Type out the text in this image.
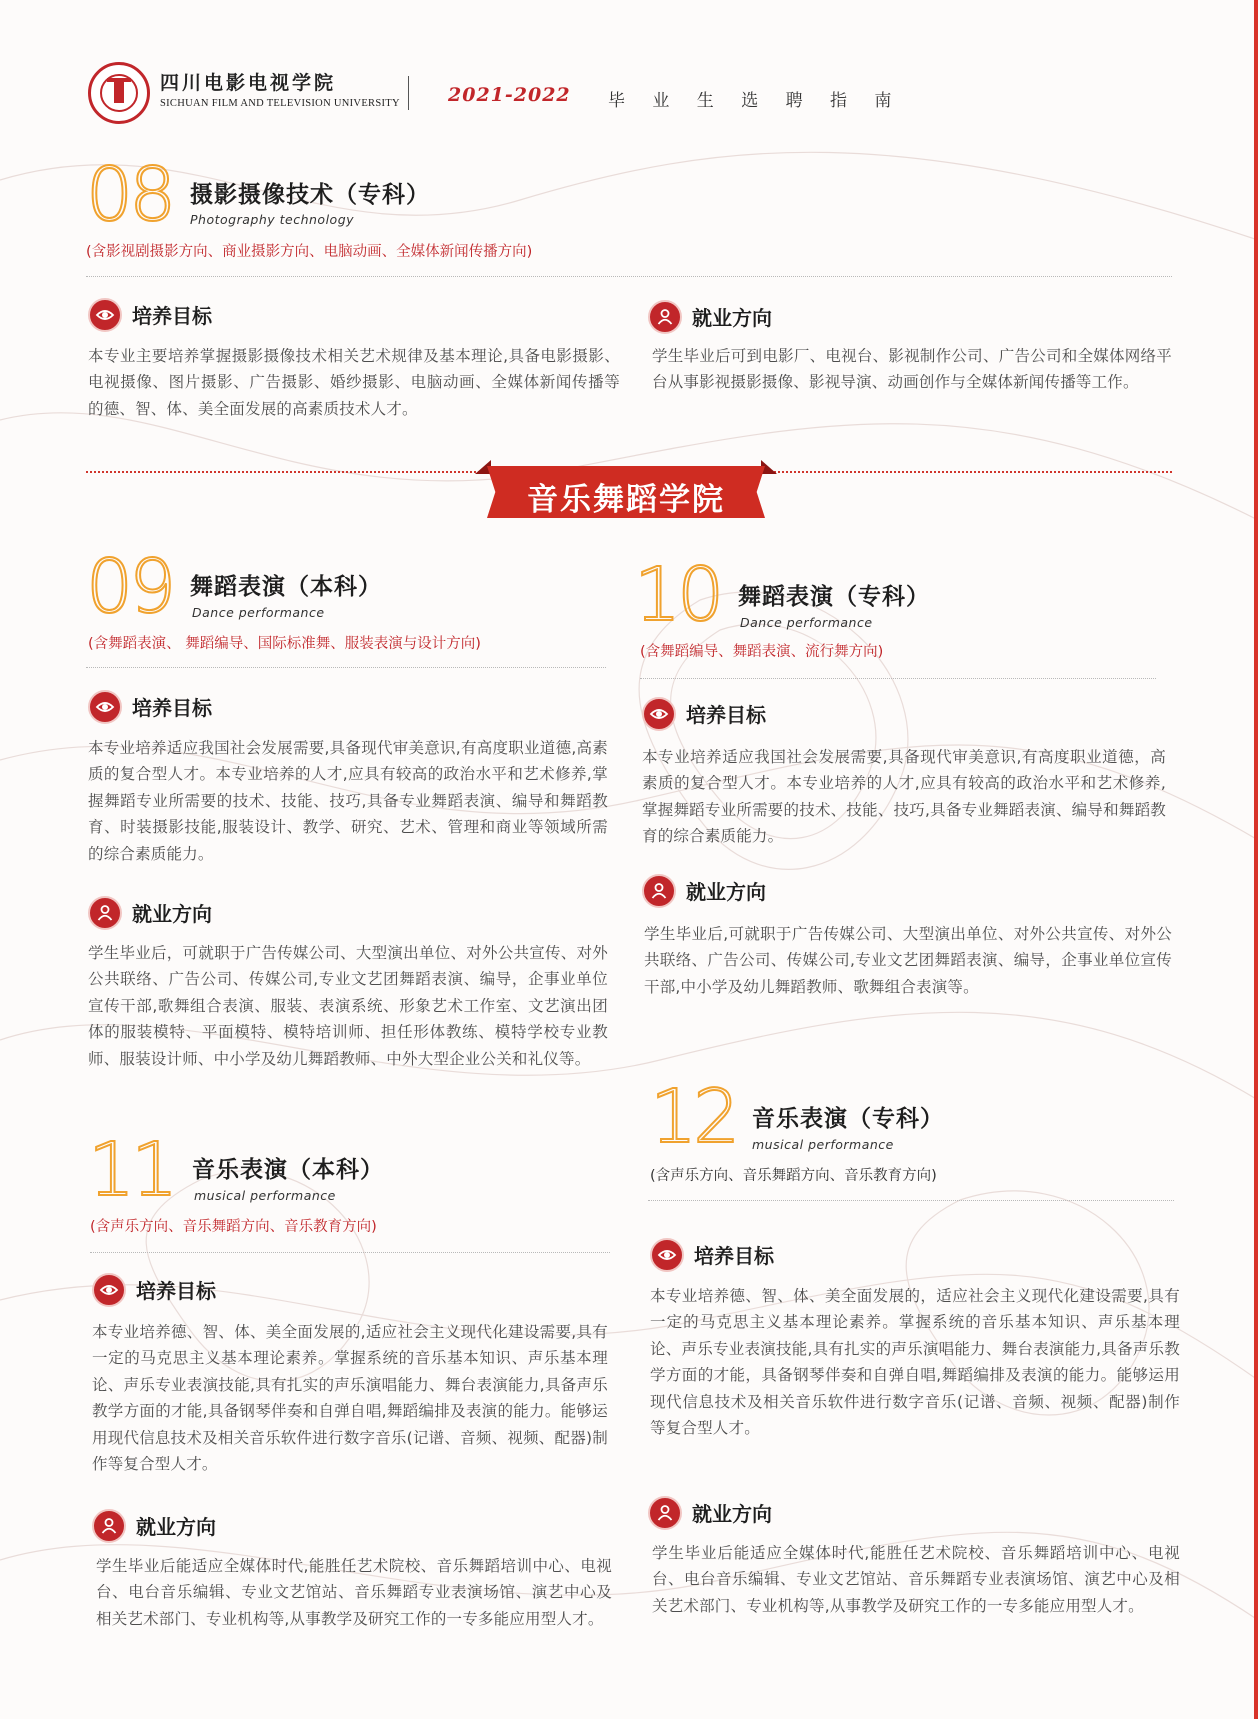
四川电影电视学院
SICHUAN FILM AND TELEVISION UNIVERSITY	2021-2022 毕 业 生 选 聘 指 南
08 摄影摄像技术（专科）
Photography technology
(含影视剧摄影方向、商业摄影方向、电脑动画、全媒体新闻传播方向)
培养目标
本专业主要培养掌握摄影摄像技术相关艺术规律及基本理论,具备电影摄影、电视摄像、图片摄影、广告摄影、婚纱摄影、电脑动画、全媒体新闻传播等的德、智、体、美全面发展的高素质技术人才。
就业方向
学生毕业后可到电影厂、电视台、影视制作公司、广告公司和全媒体网络平台从事影视摄影摄像、影视导演、动画创作与全媒体新闻传播等工作。
音乐舞蹈学院
09 舞蹈表演（本科）
Dance performance
(含舞蹈表演、 舞蹈编导、国际标准舞、服装表演与设计方向)
培养目标
本专业培养适应我国社会发展需要,具备现代审美意识,有高度职业道德,高素质的复合型人才。本专业培养的人才,应具有较高的政治水平和艺术修养,掌握舞蹈专业所需要的技术、技能、技巧,具备专业舞蹈表演、编导和舞蹈教育、时装摄影技能,服装设计、教学、研究、艺术、管理和商业等领域所需的综合素质能力。
就业方向
学生毕业后，可就职于广告传媒公司、大型演出单位、对外公共宣传、对外公共联络、广告公司、传媒公司,专业文艺团舞蹈表演、编导，企事业单位宣传干部,歌舞组合表演、服装、表演系统、形象艺术工作室、文艺演出团体的服装模特、平面模特、模特培训师、担任形体教练、模特学校专业教师、服装设计师、中小学及幼儿舞蹈教师、中外大型企业公关和礼仪等。
10 舞蹈表演（专科）
Dance performance
(含舞蹈编导、舞蹈表演、流行舞方向)
培养目标
本专业培养适应我国社会发展需要,具备现代审美意识,有高度职业道德，高素质的复合型人才。本专业培养的人才,应具有较高的政治水平和艺术修养,掌握舞蹈专业所需要的技术、技能、技巧,具备专业舞蹈表演、编导和舞蹈教育的综合素质能力。
就业方向
学生毕业后,可就职于广告传媒公司、大型演出单位、对外公共宣传、对外公共联络、广告公司、传媒公司,专业文艺团舞蹈表演、编导，企事业单位宣传干部,中小学及幼儿舞蹈教师、歌舞组合表演等。
11 音乐表演（本科）
musical performance
(含声乐方向、音乐舞蹈方向、音乐教育方向)
培养目标
本专业培养德、智、体、美全面发展的,适应社会主义现代化建设需要,具有一定的马克思主义基本理论素养。掌握系统的音乐基本知识、声乐基本理论、声乐专业表演技能,具有扎实的声乐演唱能力、舞台表演能力,具备声乐教学方面的才能,具备钢琴伴奏和自弹自唱,舞蹈编排及表演的能力。能够运用现代信息技术及相关音乐软件进行数字音乐(记谱、音频、视频、配器)制作等复合型人才。
就业方向
学生毕业后能适应全媒体时代,能胜任艺术院校、音乐舞蹈培训中心、电视台、电台音乐编辑、专业文艺馆站、音乐舞蹈专业表演场馆、演艺中心及相关艺术部门、专业机构等,从事教学及研究工作的一专多能应用型人才。
12 音乐表演（专科）
musical performance
(含声乐方向、音乐舞蹈方向、音乐教育方向)
培养目标
本专业培养德、智、体、美全面发展的，适应社会主义现代化建设需要,具有一定的马克思主义基本理论素养。掌握系统的音乐基本知识、声乐基本理论、声乐专业表演技能,具有扎实的声乐演唱能力、舞台表演能力,具备声乐教学方面的才能，具备钢琴伴奏和自弹自唱,舞蹈编排及表演的能力。能够运用现代信息技术及相关音乐软件进行数字音乐(记谱、音频、视频、配器)制作等复合型人才。
就业方向
学生毕业后能适应全媒体时代,能胜任艺术院校、音乐舞蹈培训中心、电视台、电台音乐编辑、专业文艺馆站、音乐舞蹈专业表演场馆、演艺中心及相关艺术部门、专业机构等,从事教学及研究工作的一专多能应用型人才。
